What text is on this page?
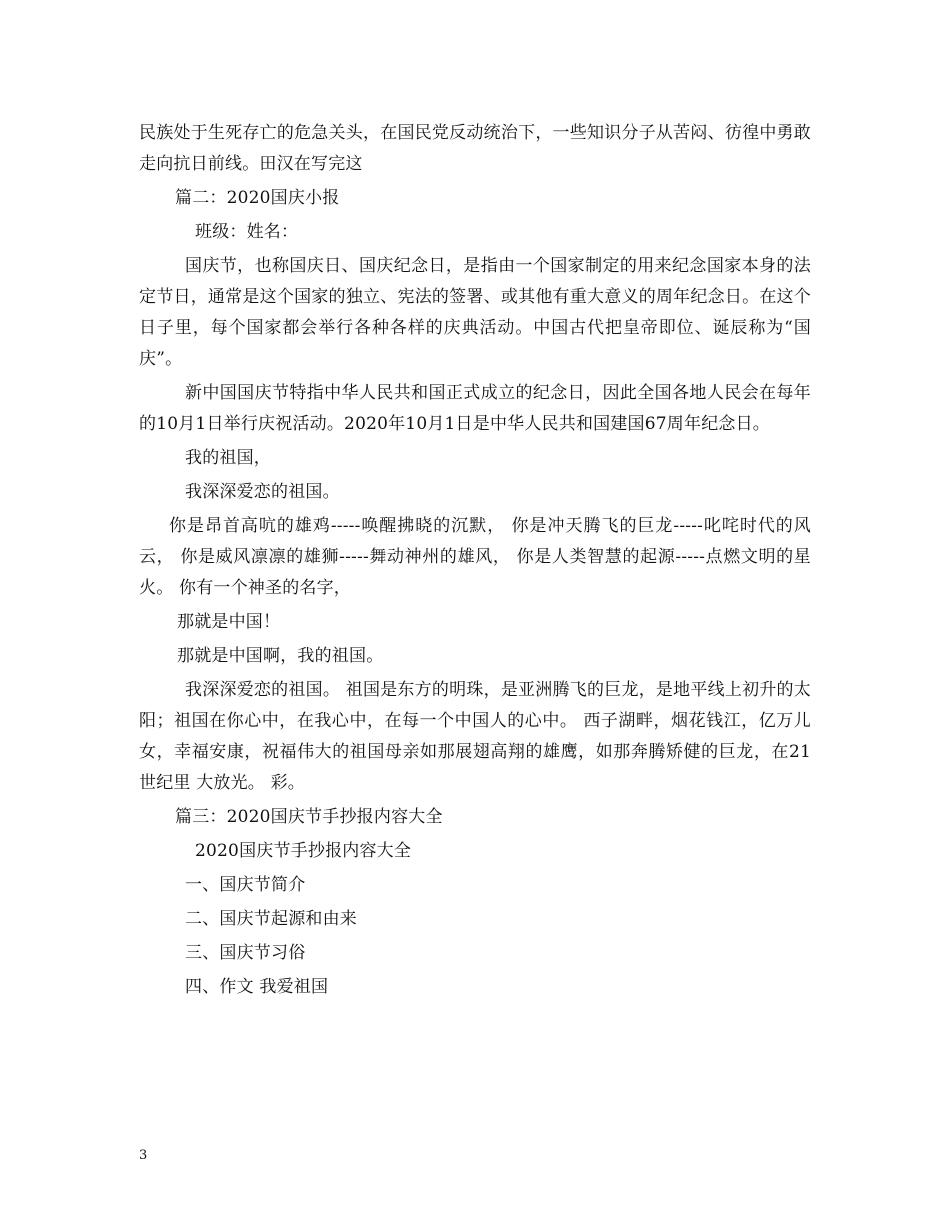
民族处于生死存亡的危急关头，在国民党反动统治下，一些知识分子从苦闷、彷徨中勇敢走向抗日前线。田汉在写完这

篇二：2020国庆小报

班级：姓名：

国庆节，也称国庆日、国庆纪念日，是指由一个国家制定的用来纪念国家本身的法定节日，通常是这个国家的独立、宪法的签署、或其他有重大意义的周年纪念日。在这个日子里，每个国家都会举行各种各样的庆典活动。中国古代把皇帝即位、诞辰称为“国庆”。

新中国国庆节特指中华人民共和国正式成立的纪念日，因此全国各地人民会在每年的10月1日举行庆祝活动。2020年10月1日是中华人民共和国建国67周年纪念日。

我的祖国，

我深深爱恋的祖国。

你是昂首高吭的雄鸡-----唤醒拂晓的沉默， 你是冲天腾飞的巨龙-----叱咤时代的风云， 你是威风凛凛的雄狮-----舞动神州的雄风， 你是人类智慧的起源-----点燃文明的星火。 你有一个神圣的名字，

那就是中国！

那就是中国啊，我的祖国。

我深深爱恋的祖国。 祖国是东方的明珠，是亚洲腾飞的巨龙，是地平线上初升的太阳；祖国在你心中，在我心中，在每一个中国人的心中。 西子湖畔，烟花钱江，亿万儿女，幸福安康，祝福伟大的祖国母亲如那展翅高翔的雄鹰，如那奔腾矫健的巨龙，在21世纪里 大放光。 彩。

篇三：2020国庆节手抄报内容大全

2020国庆节手抄报内容大全

一、国庆节简介

二、国庆节起源和由来

三、国庆节习俗

四、作文 我爱祖国

3
